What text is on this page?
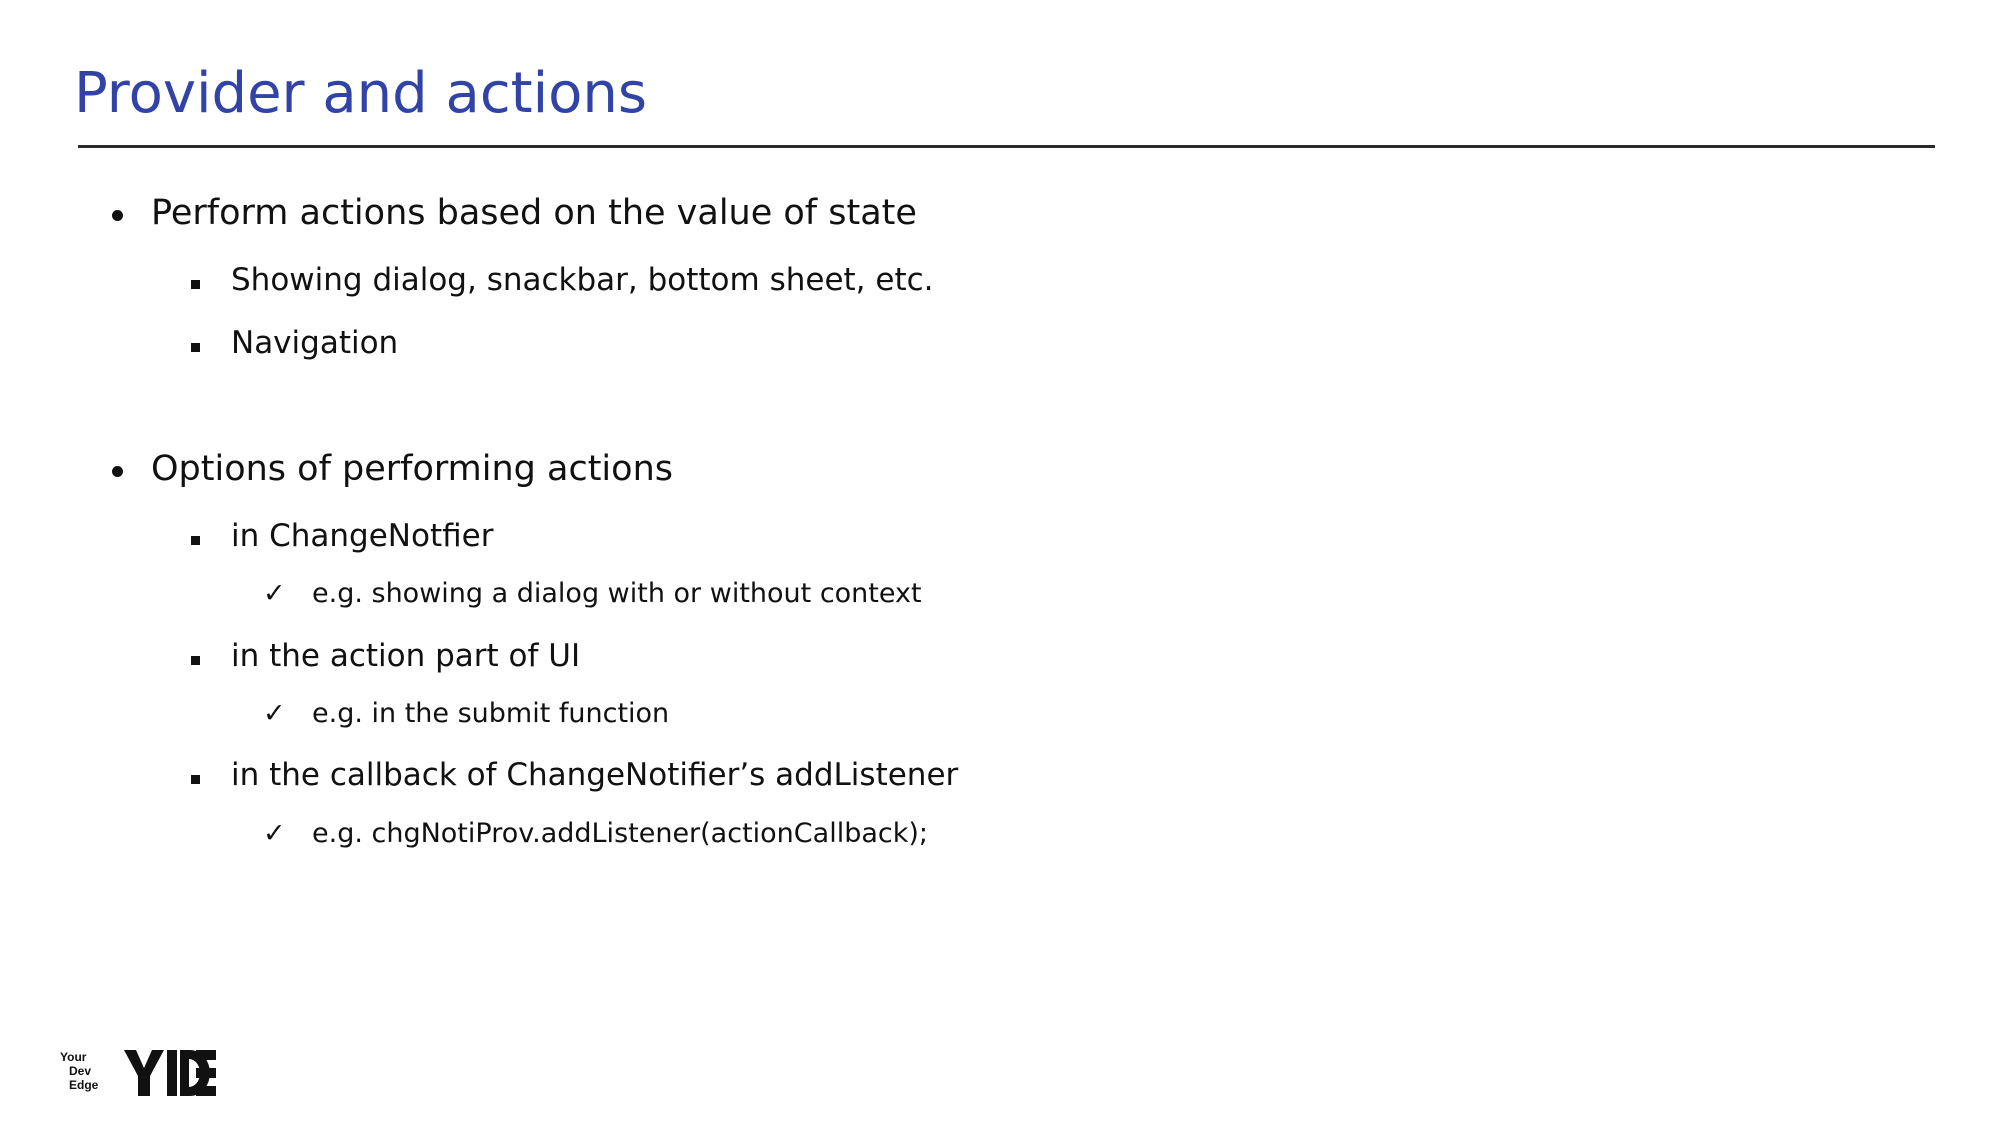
Provider and actions
Perform actions based on the value of state
Showing dialog, snackbar, bottom sheet, etc.
Navigation
Options of performing actions
in ChangeNotfier
✓ e.g. showing a dialog with or without context
in the action part of UI
✓ e.g. in the submit function
in the callback of ChangeNotifier’s addListener
✓ e.g. chgNotiProv.addListener(actionCallback);
Your
Dev
Edge
